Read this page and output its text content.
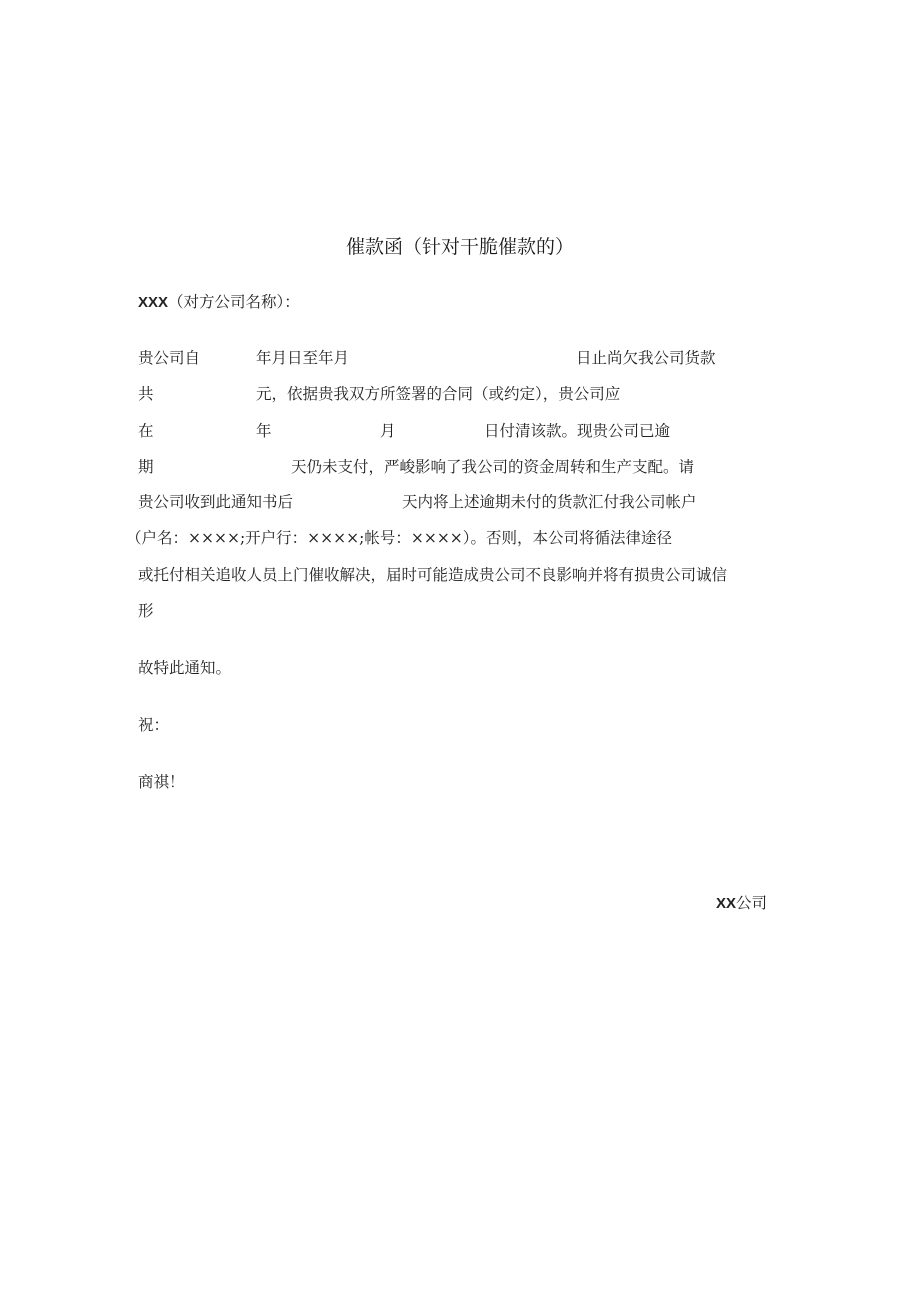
催款函（针对干脆催款的）
XXX（对方公司名称）：
贵公司自	年月日至年月	日止尚欠我公司货款
共	元，依据贵我双方所签署的合同（或约定），贵公司应
在	年	月	日付清该款。现贵公司已逾
期	天仍未支付，严峻影响了我公司的资金周转和生产支配。请
贵公司收到此通知书后	天内将上述逾期未付的货款汇付我公司帐户
（户名：××××;开户行：××××;帐号：××××）。否则，本公司将循法律途径
或托付相关追收人员上门催收解决，届时可能造成贵公司不良影响并将有损贵公司诚信
形
故特此通知。
祝：
商祺！
XX公司
